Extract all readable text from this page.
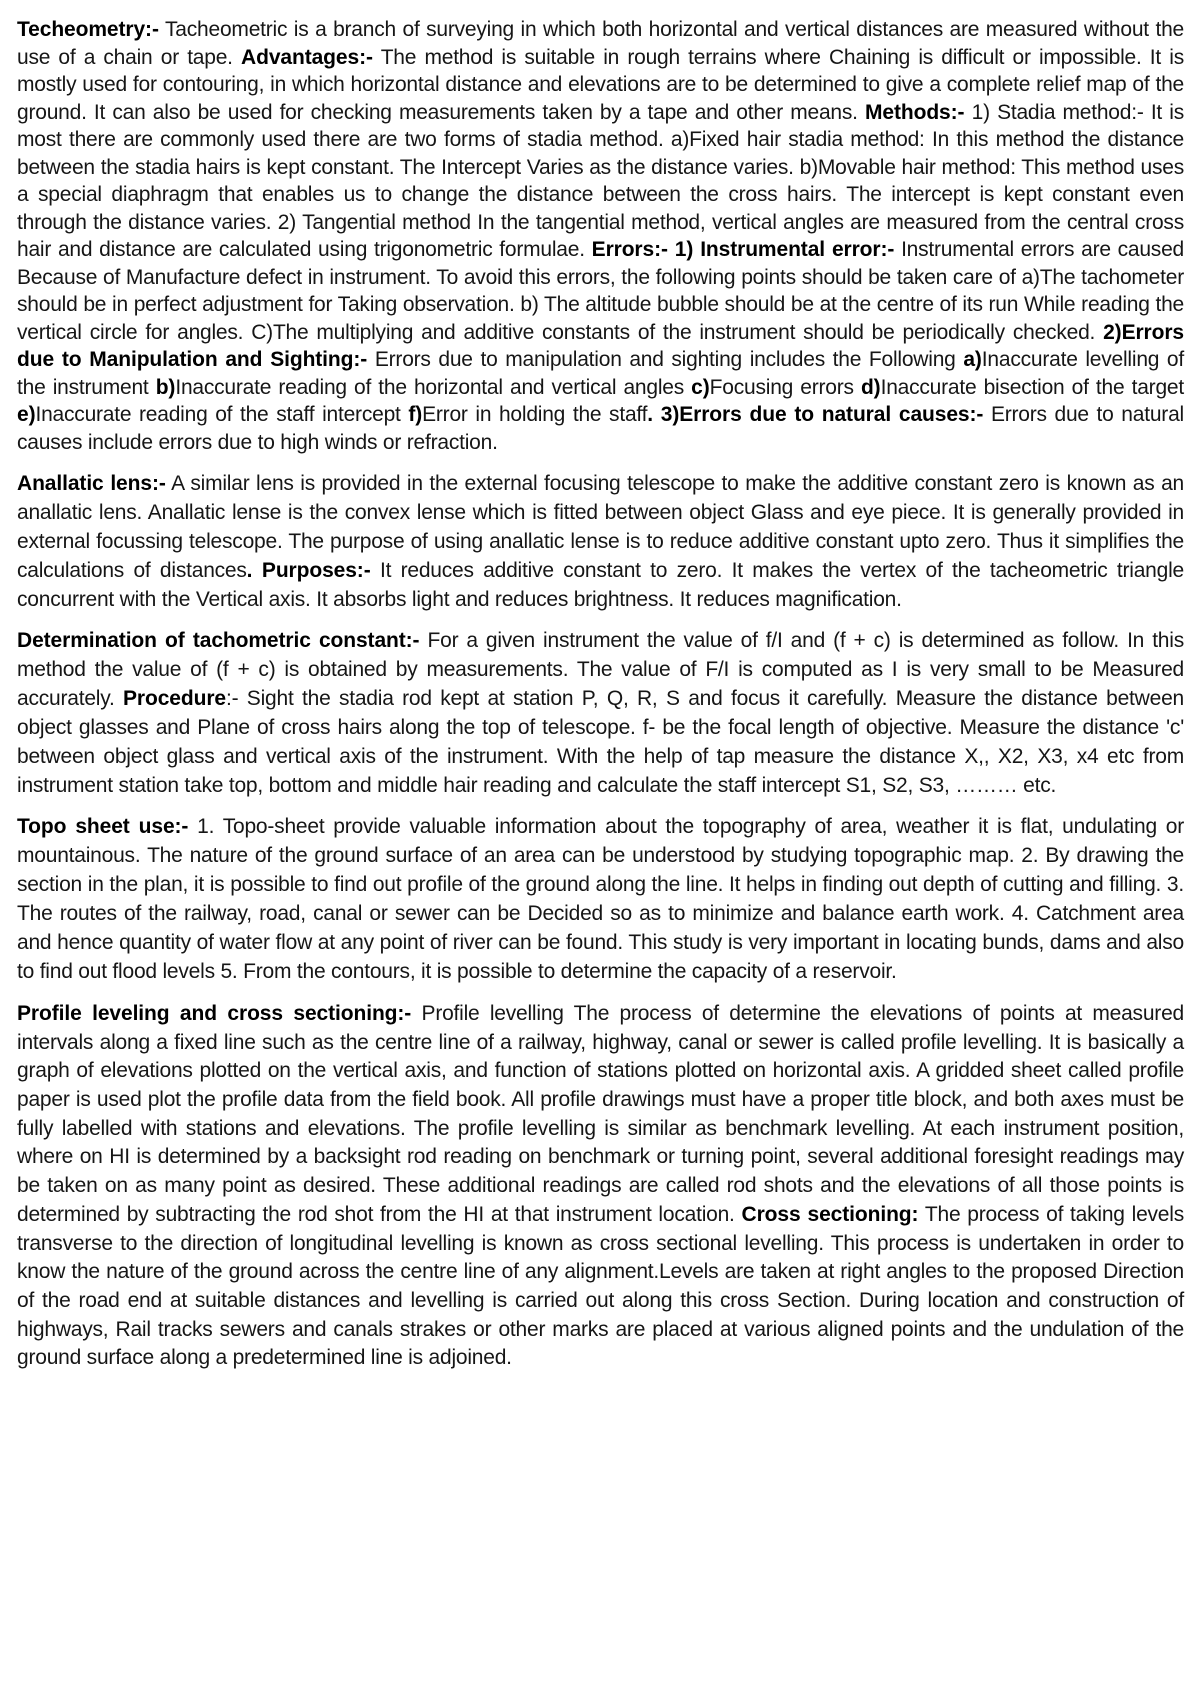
Techeometry:- Tacheometric is a branch of surveying in which both horizontal and vertical distances are measured without the use of a chain or tape. Advantages:- The method is suitable in rough terrains where Chaining is difficult or impossible. It is mostly used for contouring, in which horizontal distance and elevations are to be determined to give a complete relief map of the ground. It can also be used for checking measurements taken by a tape and other means. Methods:- 1) Stadia method:- It is most there are commonly used there are two forms of stadia method. a)Fixed hair stadia method: In this method the distance between the stadia hairs is kept constant. The Intercept Varies as the distance varies. b)Movable hair method: This method uses a special diaphragm that enables us to change the distance between the cross hairs. The intercept is kept constant even through the distance varies. 2) Tangential method In the tangential method, vertical angles are measured from the central cross hair and distance are calculated using trigonometric formulae. Errors:- 1) Instrumental error:- Instrumental errors are caused Because of Manufacture defect in instrument. To avoid this errors, the following points should be taken care of a)The tachometer should be in perfect adjustment for Taking observation. b) The altitude bubble should be at the centre of its run While reading the vertical circle for angles. C)The multiplying and additive constants of the instrument should be periodically checked. 2)Errors due to Manipulation and Sighting:- Errors due to manipulation and sighting includes the Following a)Inaccurate levelling of the instrument b)Inaccurate reading of the horizontal and vertical angles c)Focusing errors d)Inaccurate bisection of the target e)Inaccurate reading of the staff intercept f)Error in holding the staff. 3)Errors due to natural causes:- Errors due to natural causes include errors due to high winds or refraction.

Anallatic lens:- A similar lens is provided in the external focusing telescope to make the additive constant zero is known as an anallatic lens. Anallatic lense is the convex lense which is fitted between object Glass and eye piece. It is generally provided in external focussing telescope. The purpose of using anallatic lense is to reduce additive constant upto zero. Thus it simplifies the calculations of distances. Purposes:- It reduces additive constant to zero. It makes the vertex of the tacheometric triangle concurrent with the Vertical axis. It absorbs light and reduces brightness. It reduces magnification.

Determination of tachometric constant:- For a given instrument the value of f/I and (f + c) is determined as follow. In this method the value of (f + c) is obtained by measurements. The value of F/I is computed as I is very small to be Measured accurately. Procedure:- Sight the stadia rod kept at station P, Q, R, S and focus it carefully. Measure the distance between object glasses and Plane of cross hairs along the top of telescope. f- be the focal length of objective. Measure the distance 'c' between object glass and vertical axis of the instrument. With the help of tap measure the distance X,, X2, X3, x4 etc from instrument station take top, bottom and middle hair reading and calculate the staff intercept S1, S2, S3, ……… etc.

Topo sheet use:- 1. Topo-sheet provide valuable information about the topography of area, weather it is flat, undulating or mountainous. The nature of the ground surface of an area can be understood by studying topographic map. 2. By drawing the section in the plan, it is possible to find out profile of the ground along the line. It helps in finding out depth of cutting and filling. 3. The routes of the railway, road, canal or sewer can be Decided so as to minimize and balance earth work. 4. Catchment area and hence quantity of water flow at any point of river can be found. This study is very important in locating bunds, dams and also to find out flood levels 5. From the contours, it is possible to determine the capacity of a reservoir.

Profile leveling and cross sectioning:- Profile levelling The process of determine the elevations of points at measured intervals along a fixed line such as the centre line of a railway, highway, canal or sewer is called profile levelling. It is basically a graph of elevations plotted on the vertical axis, and function of stations plotted on horizontal axis. A gridded sheet called profile paper is used plot the profile data from the field book. All profile drawings must have a proper title block, and both axes must be fully labelled with stations and elevations. The profile levelling is similar as benchmark levelling. At each instrument position, where on HI is determined by a backsight rod reading on benchmark or turning point, several additional foresight readings may be taken on as many point as desired. These additional readings are called rod shots and the elevations of all those points is determined by subtracting the rod shot from the HI at that instrument location. Cross sectioning: The process of taking levels transverse to the direction of longitudinal levelling is known as cross sectional levelling. This process is undertaken in order to know the nature of the ground across the centre line of any alignment.Levels are taken at right angles to the proposed Direction of the road end at suitable distances and levelling is carried out along this cross Section. During location and construction of highways, Rail tracks sewers and canals strakes or other marks are placed at various aligned points and the undulation of the ground surface along a predetermined line is adjoined.
